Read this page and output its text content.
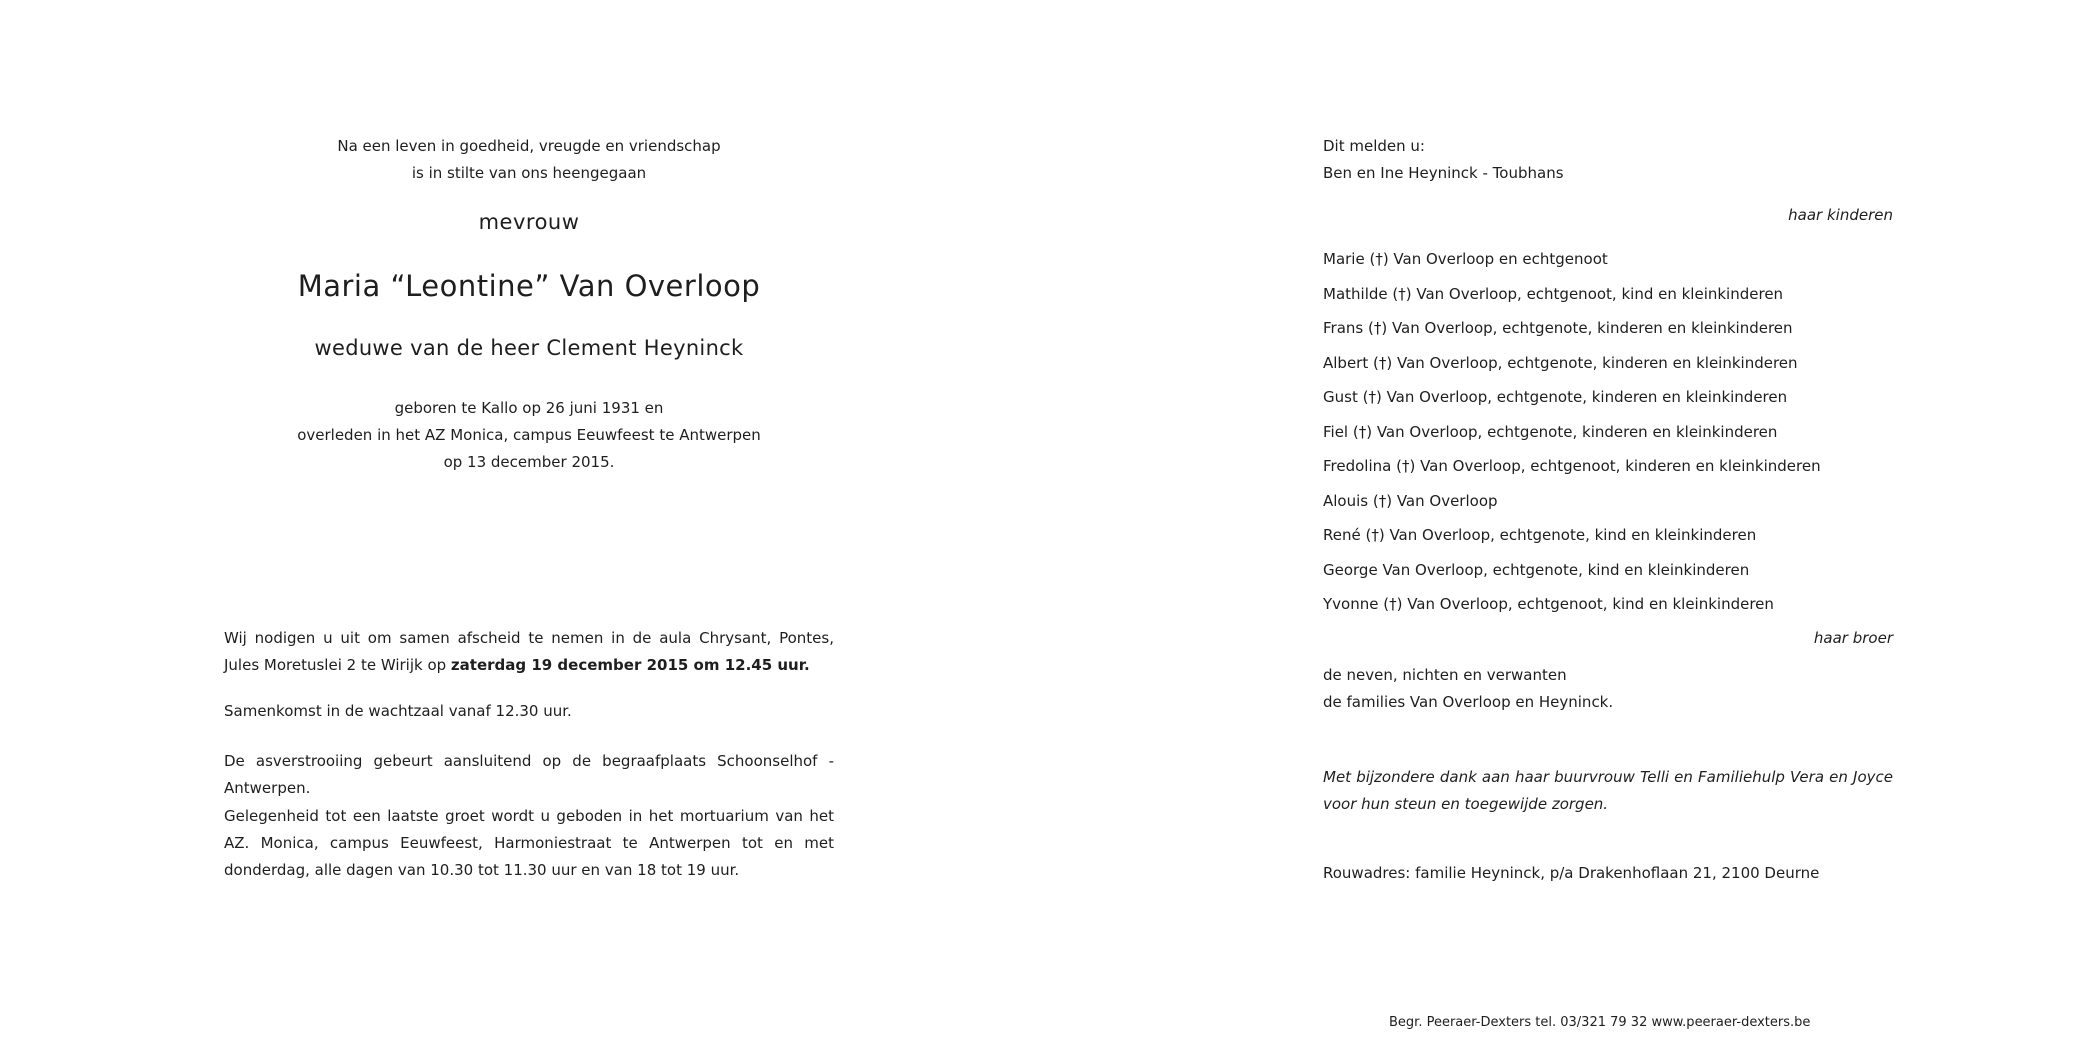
Na een leven in goedheid, vreugde en vriendschap
is in stilte van ons heengegaan
mevrouw
Maria “Leontine” Van Overloop
weduwe van de heer Clement Heyninck
geboren te Kallo op 26 juni 1931 en
overleden in het AZ Monica, campus Eeuwfeest te Antwerpen
op 13 december 2015.
Wij nodigen u uit om samen afscheid te nemen in de aula Chrysant, Pontes, Jules Moretuslei 2 te Wirijk op zaterdag 19 december 2015 om 12.45 uur.
Samenkomst in de wachtzaal vanaf 12.30 uur.
De asverstrooiing gebeurt aansluitend op de begraafplaats Schoonselhof - Antwerpen.
Gelegenheid tot een laatste groet wordt u geboden in het mortuarium van het AZ. Monica, campus Eeuwfeest, Harmoniestraat te Antwerpen tot en met donderdag, alle dagen van 10.30 tot 11.30 uur en van 18 tot 19 uur.
Dit melden u:
Ben en Ine Heyninck - Toubhans
haar kinderen
Marie (†) Van Overloop en echtgenoot
Mathilde (†) Van Overloop, echtgenoot, kind en kleinkinderen
Frans (†) Van Overloop, echtgenote, kinderen en kleinkinderen
Albert (†) Van Overloop, echtgenote, kinderen en kleinkinderen
Gust (†) Van Overloop, echtgenote, kinderen en kleinkinderen
Fiel (†) Van Overloop, echtgenote, kinderen en kleinkinderen
Fredolina (†) Van Overloop, echtgenoot, kinderen en kleinkinderen
Alouis (†) Van Overloop
René (†) Van Overloop, echtgenote, kind en kleinkinderen
George Van Overloop, echtgenote, kind en kleinkinderen
Yvonne (†) Van Overloop, echtgenoot, kind en kleinkinderen
haar broer
de neven, nichten en verwanten
de families Van Overloop en Heyninck.
Met bijzondere dank aan haar buurvrouw Telli en Familiehulp Vera en Joyce voor hun steun en toegewijde zorgen.
Rouwadres: familie Heyninck, p/a Drakenhoflaan 21, 2100 Deurne
Begr. Peeraer-Dexters tel. 03/321 79 32 www.peeraer-dexters.be
